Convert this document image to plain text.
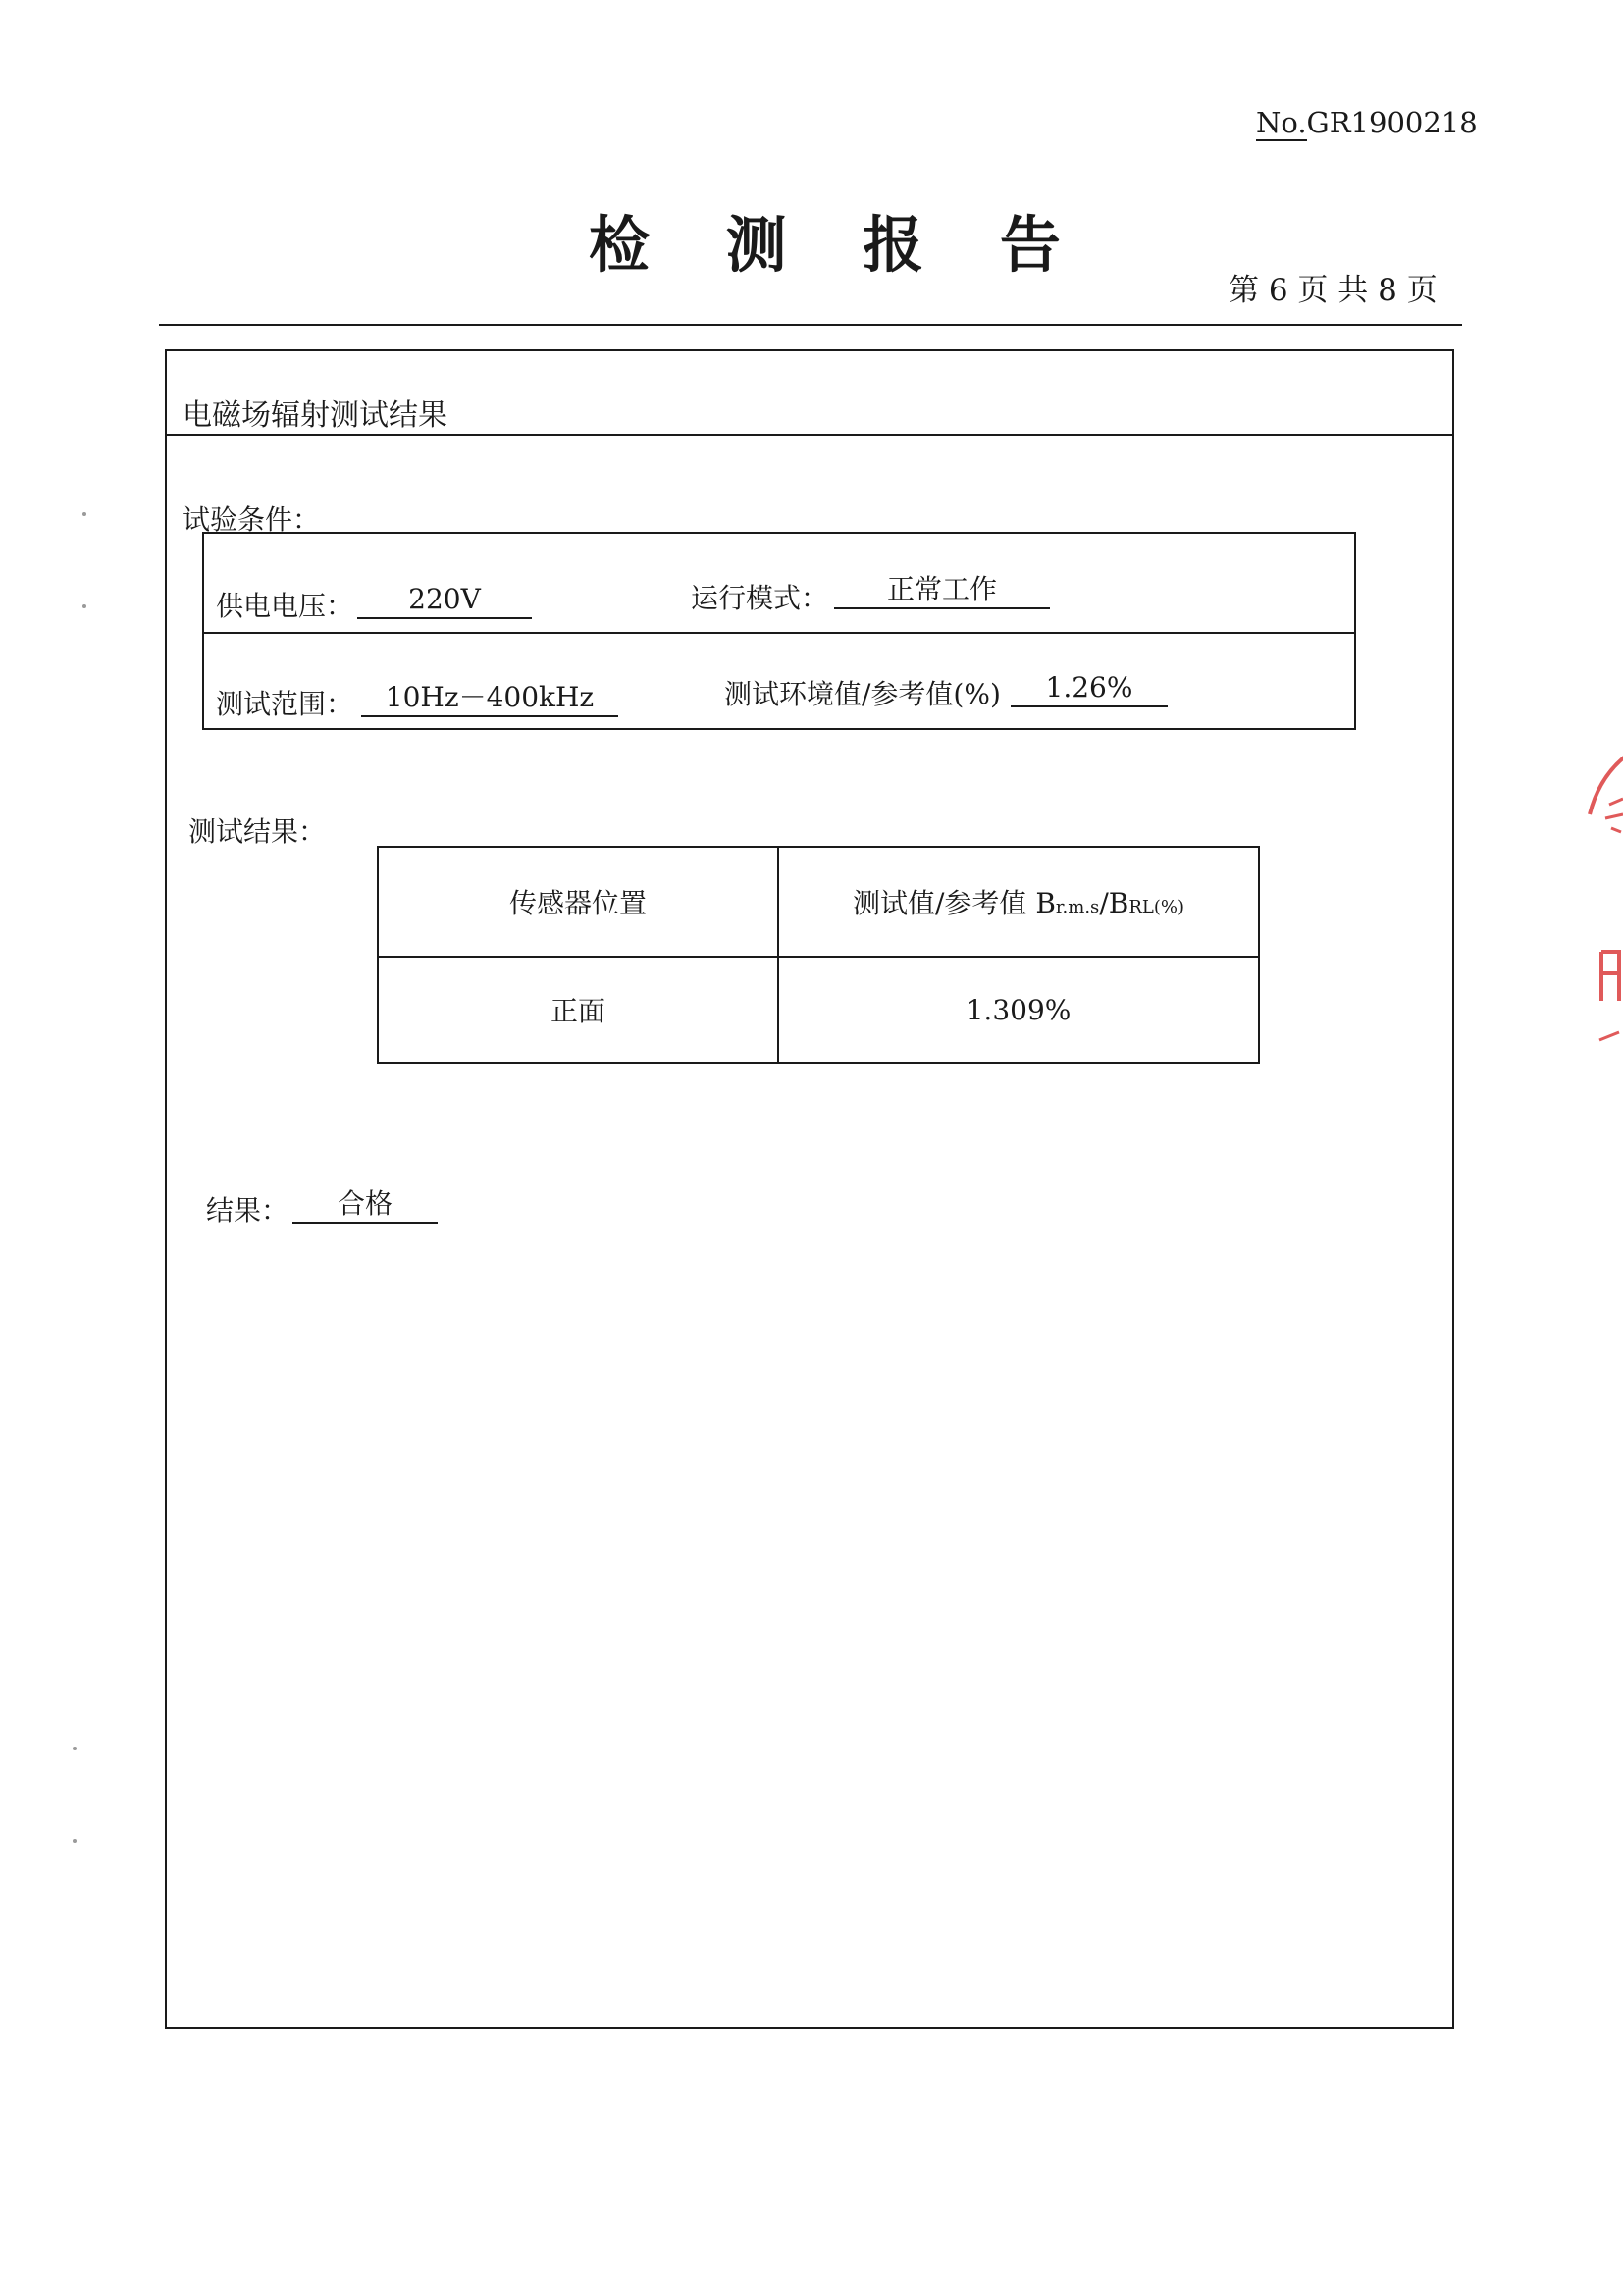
No.GR1900218
检 测 报 告
第 6 页 共 8 页
电磁场辐射测试结果
试验条件：
供电电压：	220V	运行模式：	正常工作
测试范围：	10Hz－400kHz	测试环境值/参考值(%)	1.26%
测试结果：
传感器位置	测试值/参考值 Br.m.s/BRL(%)
正面	1.309%
结果：	合格
